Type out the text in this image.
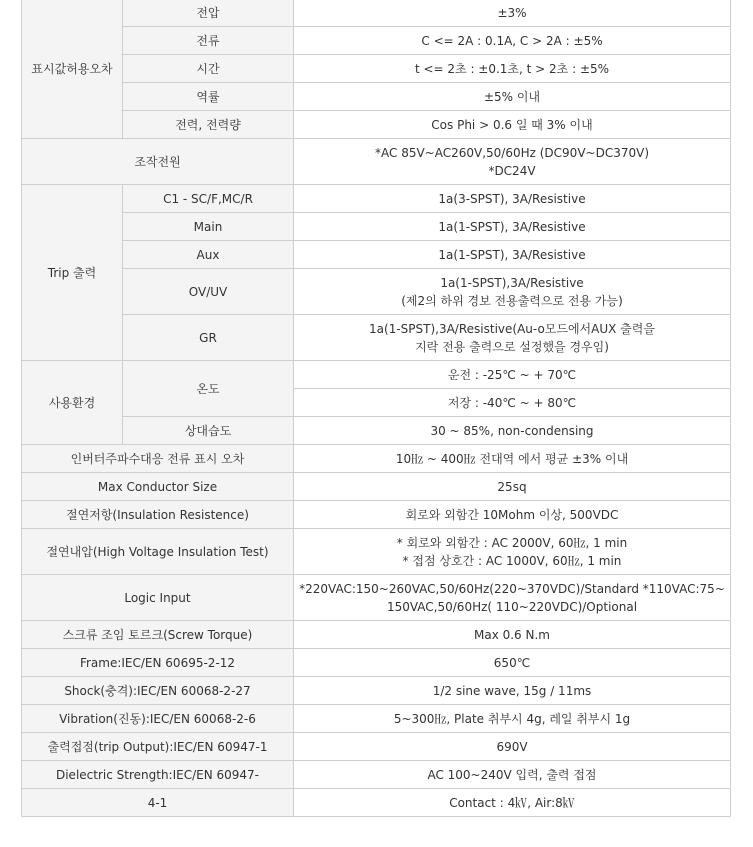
표시값허용오차	전압	±3%
	전류	C <= 2A : 0.1A, C > 2A : ±5%
	시간	t <= 2초 : ±0.1초, t > 2초 : ±5%
	역률	±5% 이내
	전력, 전력량	Cos Phi > 0.6 일 때 3% 이내
조작전원		*AC 85V~AC260V,50/60Hz (DC90V~DC370V)
*DC24V

Trip 출력	C1 - SC/F,MC/R	1a(3-SPST), 3A/Resistive
	Main	1a(1-SPST), 3A/Resistive
	Aux	1a(1-SPST), 3A/Resistive
	OV/UV	1a(1-SPST),3A/Resistive
(제2의 하위 경보 전용출력으로 전용 가능)

	GR	1a(1-SPST),3A/Resistive(Au-o모드에서AUX 출력을
지락 전용 출력으로 설정했을 경우임)

사용환경	온도	운전 : -25℃ ~ + 70℃
		저장 : -40℃ ~ + 80℃
	상대습도	30 ~ 85%, non-condensing
인버터주파수대응 전류 표시 오차		10㎐ ~ 400㎐ 전대역 에서 평균 ±3% 이내
Max Conductor Size		25sq
절연저항(Insulation Resistence)		회로와 외함간 10Mohm 이상, 500VDC
절연내압(High Voltage Insulation Test)		* 회로와 외함간 : AC 2000V, 60㎐, 1 min
* 접점 상호간 : AC 1000V, 60㎐, 1 min

Logic Input		*220VAC:150~260VAC,50/60Hz(220~370VDC)/Standard *110VAC:75~
150VAC,50/60Hz( 110~220VDC)/Optional

스크류 조임 토르크(Screw Torque)		Max 0.6 N.m
Frame:IEC/EN 60695-2-12		650℃
Shock(충격):IEC/EN 60068-2-27		1/2 sine wave, 15g / 11ms
Vibration(진동):IEC/EN 60068-2-6		5~300㎐, Plate 취부시 4g, 레일 취부시 1g
출력접점(trip Output):IEC/EN 60947-1		690V
Dielectric Strength:IEC/EN 60947-		AC 100~240V 입력, 출력 접점
4-1		Contact : 4㎸, Air:8㎸
